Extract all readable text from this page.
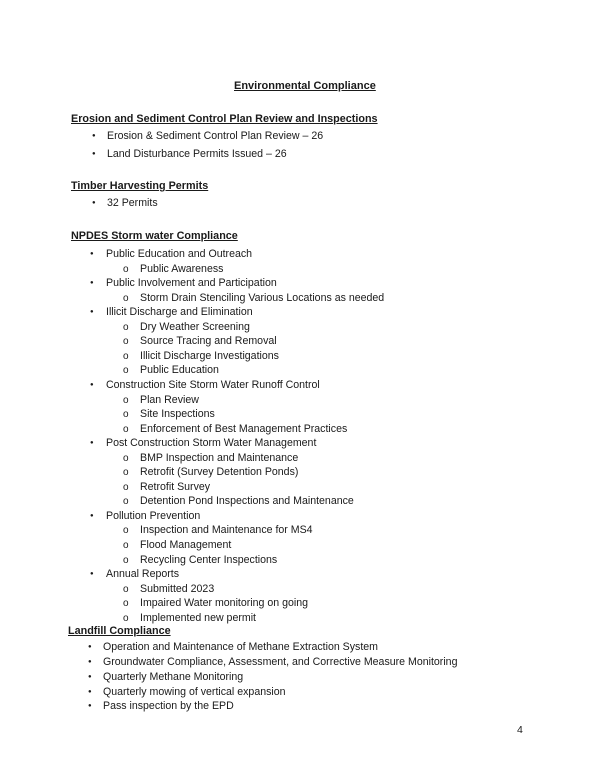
Environmental Compliance
Erosion and Sediment Control Plan Review and Inspections
● Erosion & Sediment Control Plan Review – 26
● Land Disturbance Permits Issued – 26
Timber Harvesting Permits
● 32 Permits
NPDES Storm water Compliance
● Public Education and Outreach
o Public Awareness
● Public Involvement and Participation
o Storm Drain Stenciling Various Locations as needed
● Illicit Discharge and Elimination
o Dry Weather Screening
o Source Tracing and Removal
o Illicit Discharge Investigations
o Public Education
● Construction Site Storm Water Runoff Control
o Plan Review
o Site Inspections
o Enforcement of Best Management Practices
● Post Construction Storm Water Management
o BMP Inspection and Maintenance
o Retrofit (Survey Detention Ponds)
o Retrofit Survey
o Detention Pond Inspections and Maintenance
● Pollution Prevention
o Inspection and Maintenance for MS4
o Flood Management
o Recycling Center Inspections
● Annual Reports
o Submitted 2023
o Impaired Water monitoring on going
o Implemented new permit
Landfill Compliance
● Operation and Maintenance of Methane Extraction System
● Groundwater Compliance, Assessment, and Corrective Measure Monitoring
● Quarterly Methane Monitoring
● Quarterly mowing of vertical expansion
● Pass inspection by the EPD
4
